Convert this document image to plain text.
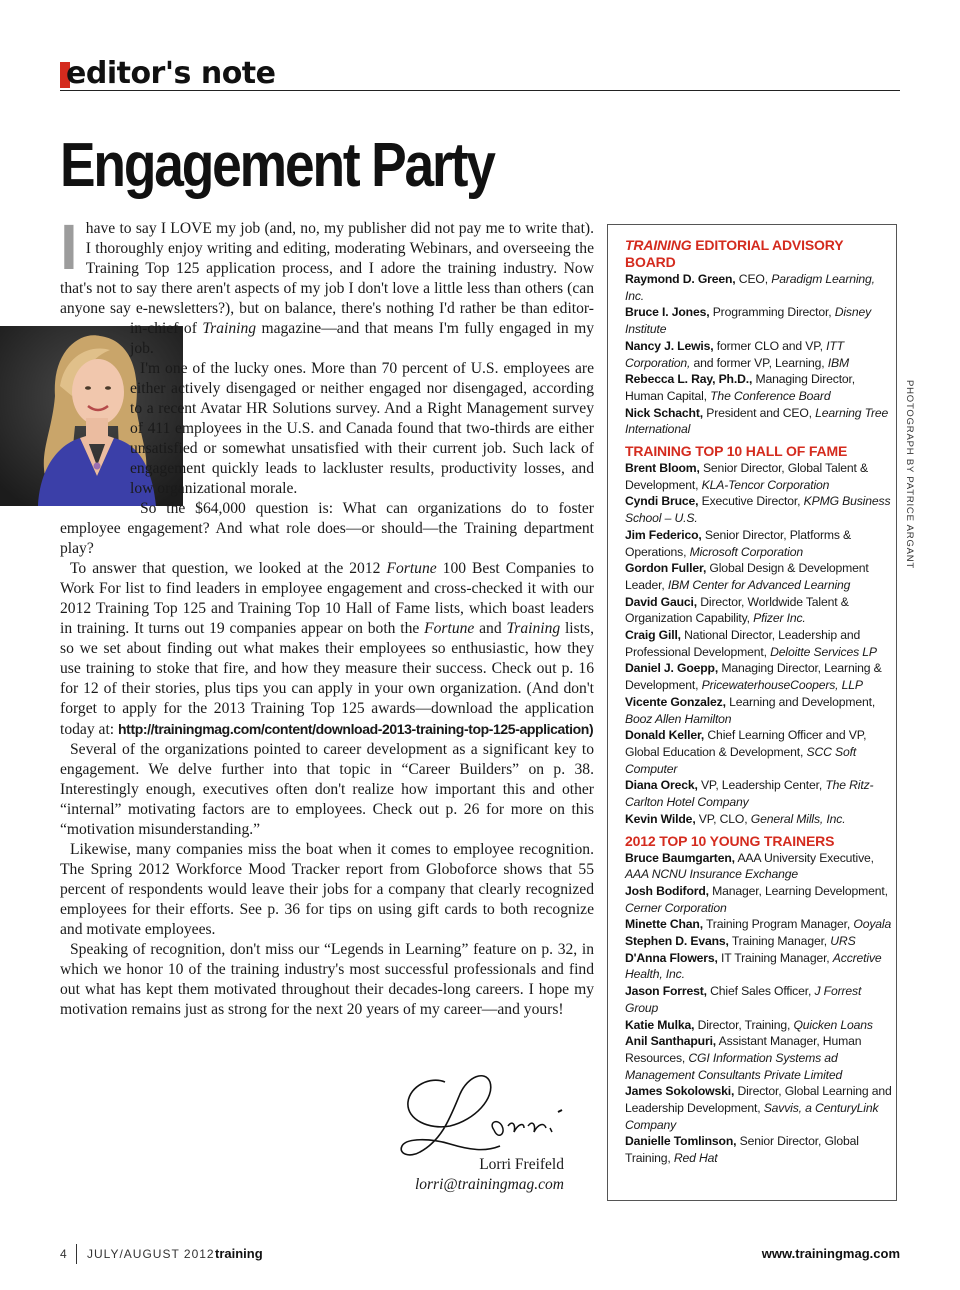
editor's note
Engagement Party

Ihave to say I LOVE my job (and, no, my publisher did not pay me to write that). I thoroughly enjoy writing and editing, moderating Webinars, and overseeing the Training Top 125 application process, and I adore the training industry. Now that's not to say there aren't aspects of my job I don't love a little less than others (can anyone say e-newsletters?), but on balance, there's nothing I'd rather be than editor-in-chief of
Training magazine—and that means I'm fully engaged in my job.

I'm one of the lucky ones. More than 70 percent of U.S. employees are either actively disengaged or neither engaged nor disengaged, according to a recent Avatar HR Solutions survey. And a Right Management survey of 411 employees in the U.S. and Canada found that two-thirds are either unsatisfied or somewhat unsatisfied with their current job. Such lack of engagement quickly leads to lackluster results, productivity losses, and low organizational morale.

So the $64,000 question is: What can organizations do to foster employee engagement? And what role does—or should—the Training department play?

To answer that question, we looked at the 2012 Fortune 100 Best Companies to Work For list to find leaders in employee engagement and cross-checked it with our 2012 Training Top 125 and Training Top 10 Hall of Fame lists, which boast leaders in training. It turns out 19 companies appear on both the Fortune and Training lists, so we set about finding out what makes their employees so enthusiastic, how they use training to stoke that fire, and how they measure their success. Check out p. 16 for 12 of their stories, plus tips you can apply in your own organization. (And don't forget to apply for the 2013 Training Top 125 awards—download the application today at: http://trainingmag.com/content/download-2013-training-top-125-application)

Several of the organizations pointed to career development as a significant key to engagement. We delve further into that topic in “Career Builders” on p. 38. Interestingly enough, executives often don't realize how important this and other “internal” motivating factors are to employees. Check out p. 26 for more on this “motivation misunderstanding.”

Likewise, many companies miss the boat when it comes to employee recognition. The Spring 2012 Workforce Mood Tracker report from Globoforce shows that 55 percent of respondents would leave their jobs for a company that clearly recognized employees for their efforts. See p. 36 for tips on using gift cards to both recognize and motivate employees.

Speaking of recognition, don't miss our “Legends in Learning” feature on p. 32, in which we honor 10 of the training industry's most successful professionals and find out what has kept them motivated throughout their decades-long careers. I hope my motivation remains just as strong for the next 20 years of my career—and yours!

Lorri Freifeld
lorri@trainingmag.com
TRAINING EDITORIAL ADVISORY BOARD
Raymond D. Green, CEO, Paradigm Learning, Inc.
Bruce I. Jones, Programming Director, Disney Institute
Nancy J. Lewis, former CLO and VP, ITT Corporation, and former VP, Learning, IBM
Rebecca L. Ray, Ph.D., Managing Director, Human Capital, The Conference Board
Nick Schacht, President and CEO, Learning Tree International
TRAINING TOP 10 HALL OF FAME
Brent Bloom, Senior Director, Global Talent & Development, KLA-Tencor Corporation
Cyndi Bruce, Executive Director, KPMG Business School – U.S.
Jim Federico, Senior Director, Platforms & Operations, Microsoft Corporation
Gordon Fuller, Global Design & Development Leader, IBM Center for Advanced Learning
David Gauci, Director, Worldwide Talent & Organization Capability, Pfizer Inc.
Craig Gill, National Director, Leadership and Professional Development, Deloitte Services LP
Daniel J. Goepp, Managing Director, Learning & Development, PricewaterhouseCoopers, LLP
Vicente Gonzalez, Learning and Development, Booz Allen Hamilton
Donald Keller, Chief Learning Officer and VP, Global Education & Development, SCC Soft Computer
Diana Oreck, VP, Leadership Center, The Ritz-Carlton Hotel Company
Kevin Wilde, VP, CLO, General Mills, Inc.
2012 TOP 10 YOUNG TRAINERS
Bruce Baumgarten, AAA University Executive, AAA NCNU Insurance Exchange
Josh Bodiford, Manager, Learning Development, Cerner Corporation
Minette Chan, Training Program Manager, Ooyala
Stephen D. Evans, Training Manager, URS
D'Anna Flowers, IT Training Manager, Accretive Health, Inc.
Jason Forrest, Chief Sales Officer, J Forrest Group
Katie Mulka, Director, Training, Quicken Loans
Anil Santhapuri, Assistant Manager, Human Resources, CGI Information Systems ad Management Consultants Private Limited
James Sokolowski, Director, Global Learning and Leadership Development, Savvis, a CenturyLink Company
Danielle Tomlinson, Senior Director, Global Training, Red Hat
PHOTOGRAPH BY PATRICE ARGANT
4 JULY/AUGUST 2012 training	www.trainingmag.com
